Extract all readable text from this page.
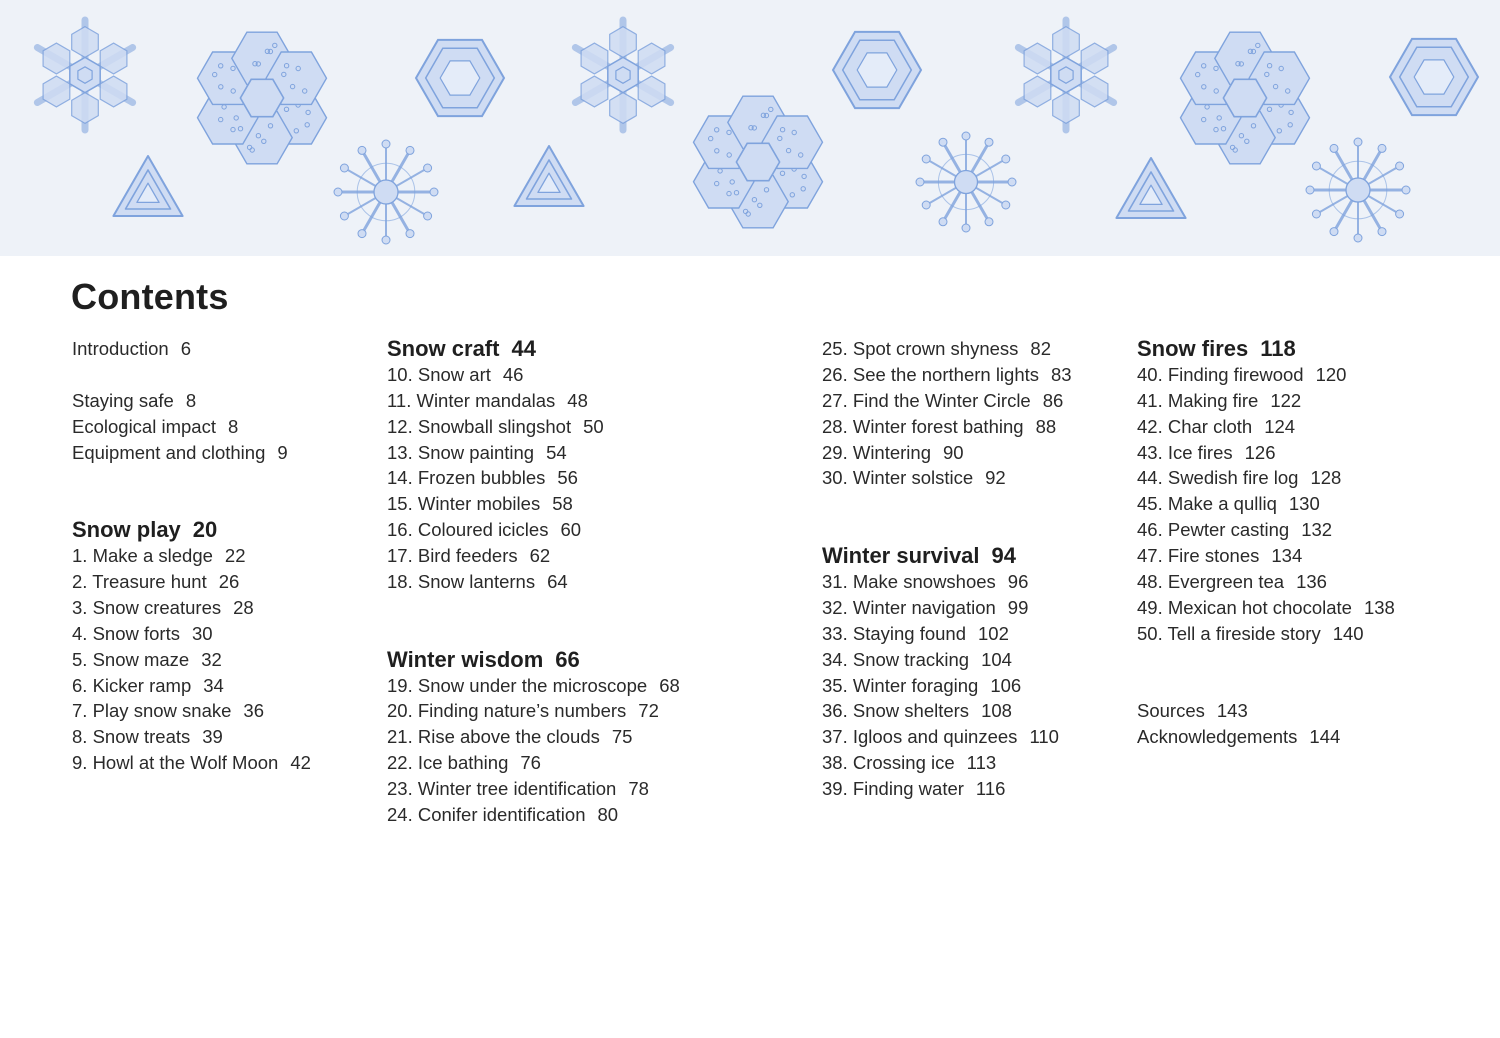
Contents
Introduction 6
Staying safe 8
Ecological impact 8
Equipment and clothing 9
Snow play 20
1. Make a sledge 22
2. Treasure hunt 26
3. Snow creatures 28
4. Snow forts 30
5. Snow maze 32
6. Kicker ramp 34
7. Play snow snake 36
8. Snow treats 39
9. Howl at the Wolf Moon 42
Snow craft 44
10. Snow art 46
11. Winter mandalas 48
12. Snowball slingshot 50
13. Snow painting 54
14. Frozen bubbles 56
15. Winter mobiles 58
16. Coloured icicles 60
17. Bird feeders 62
18. Snow lanterns 64
Winter wisdom 66
19. Snow under the microscope 68
20. Finding nature’s numbers 72
21. Rise above the clouds 75
22. Ice bathing 76
23. Winter tree identification 78
24. Conifer identification 80
25. Spot crown shyness 82
26. See the northern lights 83
27. Find the Winter Circle 86
28. Winter forest bathing 88
29. Wintering 90
30. Winter solstice 92
Winter survival 94
31. Make snowshoes 96
32. Winter navigation 99
33. Staying found 102
34. Snow tracking 104
35. Winter foraging 106
36. Snow shelters 108
37. Igloos and quinzees 110
38. Crossing ice 113
39. Finding water 116
Snow fires 118
40. Finding firewood 120
41. Making fire 122
42. Char cloth 124
43. Ice fires 126
44. Swedish fire log 128
45. Make a qulliq 130
46. Pewter casting 132
47. Fire stones 134
48. Evergreen tea 136
49. Mexican hot chocolate 138
50. Tell a fireside story 140
Sources 143
Acknowledgements 144
